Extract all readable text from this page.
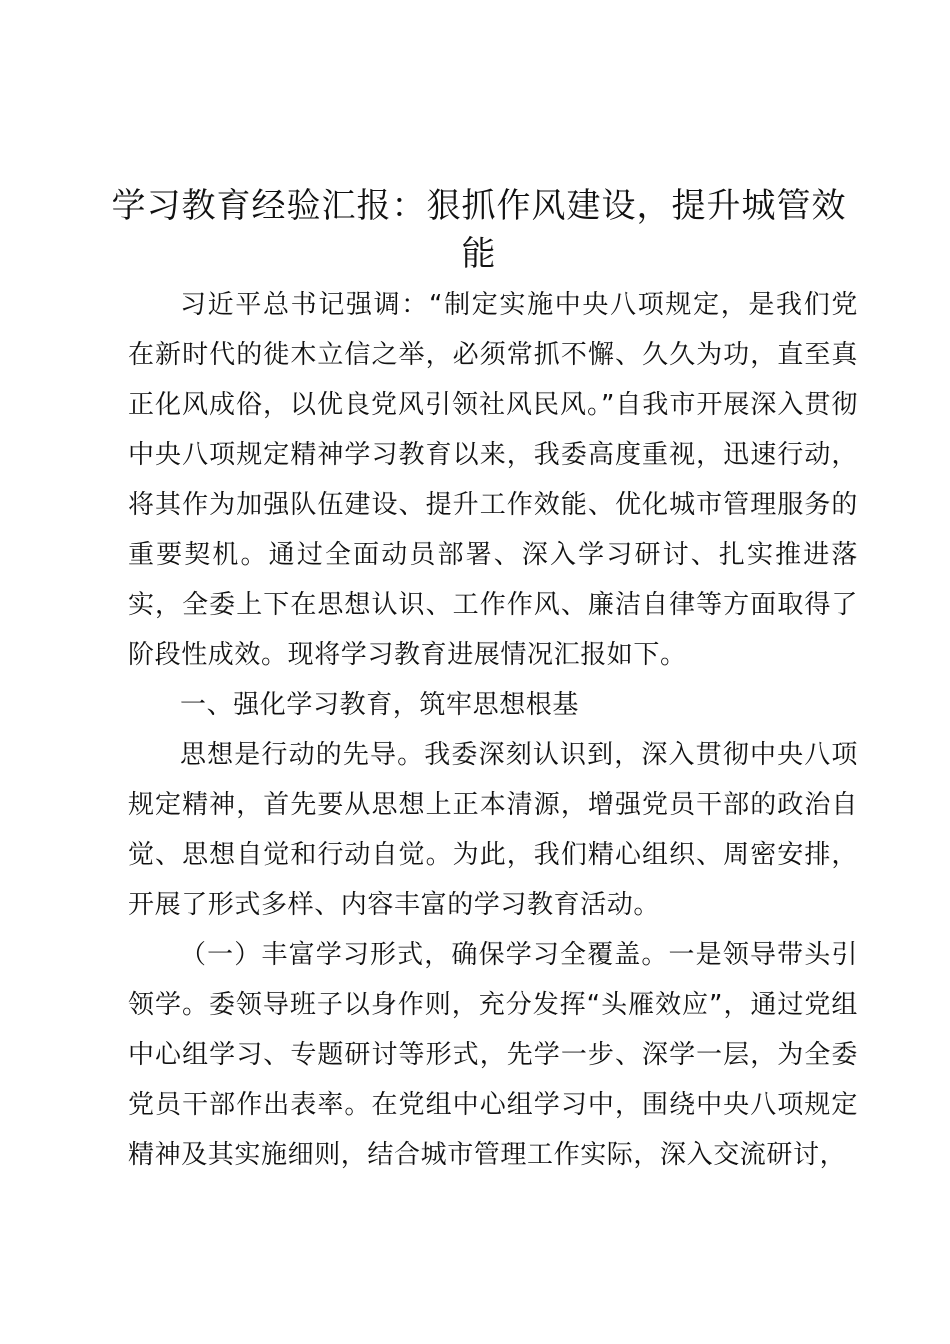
学习教育经验汇报：狠抓作风建设，提升城管效能

习近平总书记强调：“制定实施中央八项规定，是我们党在新时代的徙木立信之举，必须常抓不懈、久久为功，直至真正化风成俗，以优良党风引领社风民风。”自我市开展深入贯彻中央八项规定精神学习教育以来，我委高度重视，迅速行动，将其作为加强队伍建设、提升工作效能、优化城市管理服务的重要契机。通过全面动员部署、深入学习研讨、扎实推进落实，全委上下在思想认识、工作作风、廉洁自律等方面取得了阶段性成效。现将学习教育进展情况汇报如下。

一、强化学习教育，筑牢思想根基

思想是行动的先导。我委深刻认识到，深入贯彻中央八项规定精神，首先要从思想上正本清源，增强党员干部的政治自觉、思想自觉和行动自觉。为此，我们精心组织、周密安排，开展了形式多样、内容丰富的学习教育活动。

（一）丰富学习形式，确保学习全覆盖。一是领导带头引领学。委领导班子以身作则，充分发挥“头雁效应”，通过党组中心组学习、专题研讨等形式，先学一步、深学一层，为全委党员干部作出表率。在党组中心组学习中，围绕中央八项规定精神及其实施细则，结合城市管理工作实际，深入交流研讨，
